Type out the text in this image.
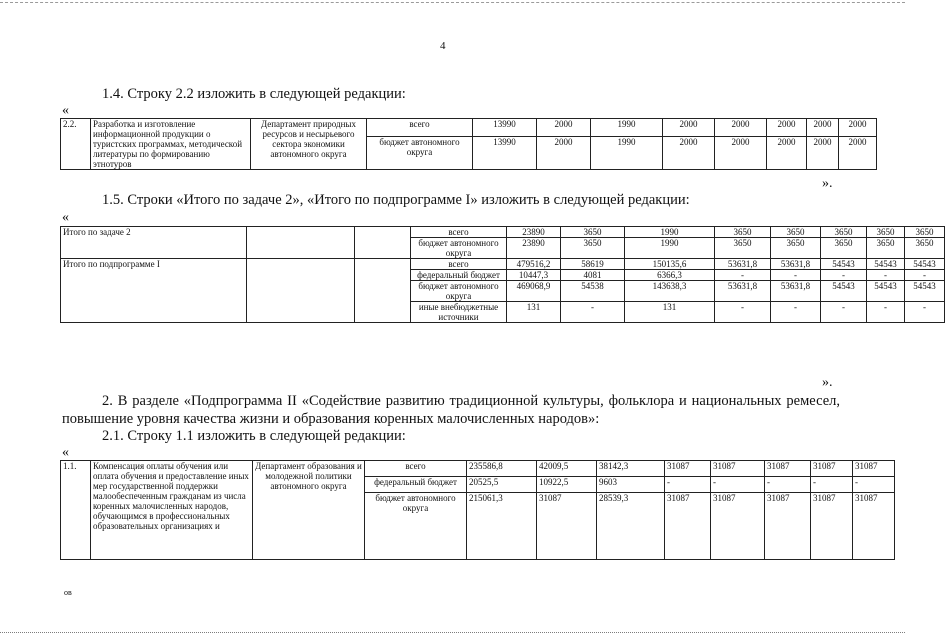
4
1.4. Строку 2.2 изложить в следующей редакции:
«
2.2.	Разработка и изготовление информационной продукции о туристских программах, методической литературы по формированию этнотуров	Департамент природных ресурсов и несырьевого сектора экономики автономного округа	всего	13990	2000	1990	2000	2000	2000	2000	2000
			бюджет автономного округа	13990	2000	1990	2000	2000	2000	2000	2000
».
1.5. Строки «Итого по задаче 2», «Итого по подпрограмме I» изложить в следующей редакции:
«
Итого по задаче 2			всего	23890	3650	1990	3650	3650	3650	3650	3650
			бюджет автономного округа	23890	3650	1990	3650	3650	3650	3650	3650
Итого по подпрограмме I			всего	479516,2	58619	150135,6	53631,8	53631,8	54543	54543	54543
			федеральный бюджет	10447,3	4081	6366,3	-	-	-	-	-
			бюджет автономного округа	469068,9	54538	143638,3	53631,8	53631,8	54543	54543	54543
			иные внебюджетные источники	131	-	131	-	-	-	-	-
».
2. В разделе «Подпрограмма II «Содействие развитию традиционной культуры, фольклора и национальных ремесел, повышение уровня качества жизни и образования коренных малочисленных народов»:
2.1. Строку 1.1 изложить в следующей редакции:
«
1.1.	Компенсация оплаты обучения или оплата обучения и предоставление иных мер государственной поддержки малообеспеченным гражданам из числа коренных малочисленных народов, обучающимся в профессиональных образовательных организациях и	Департамент образования и молодежной политики автономного округа	всего	235586,8	42009,5	38142,3	31087	31087	31087	31087	31087
			федеральный бюджет	20525,5	10922,5	9603	-	-	-	-	-
			бюджет автономного округа	215061,3	31087	28539,3	31087	31087	31087	31087	31087
ов
